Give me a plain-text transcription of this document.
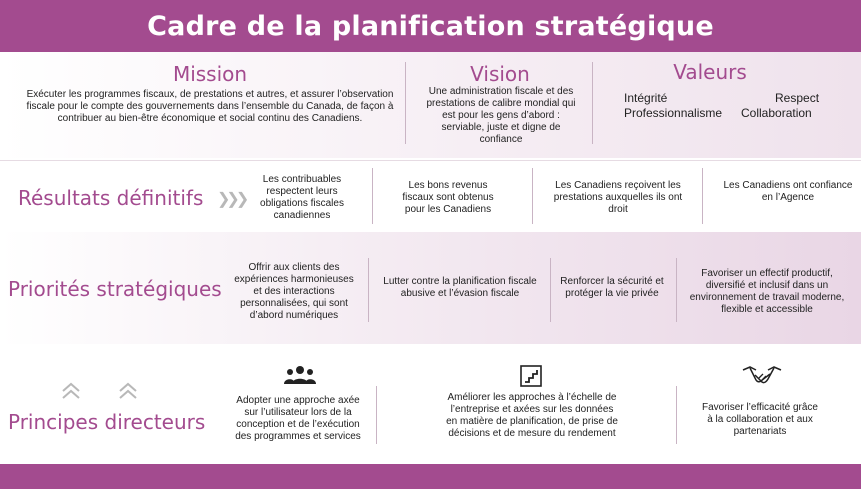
Cadre de la planification stratégique
Mission
Exécuter les programmes fiscaux, de prestations et autres, et assurer l’observation fiscale pour le compte des gouvernements dans l’ensemble du Canada, de façon à contribuer au bien-être économique et social continu des Canadiens.
Vision
Une administration fiscale et des prestations de calibre mondial qui est pour les gens d’abord : serviable, juste et digne de confiance
Valeurs
Intégrité	Respect
Professionnalisme Collaboration
Résultats définitifs ❯❯❯
Les contribuables respectent leurs obligations fiscales canadiennes
Les bons revenus fiscaux sont obtenus pour les Canadiens
Les Canadiens reçoivent les prestations auxquelles ils ont droit
Les Canadiens ont confiance en l’Agence
Priorités stratégiques
Offrir aux clients des expériences harmonieuses et des interactions personnalisées, qui sont d’abord numériques
Lutter contre la planification fiscale abusive et l’évasion fiscale
Renforcer la sécurité et protéger la vie privée
Favoriser un effectif productif, diversifié et inclusif dans un environnement de travail moderne, flexible et accessible
Principes directeurs
Adopter une approche axée sur l’utilisateur lors de la conception et de l’exécution des programmes et services
Améliorer les approches à l’échelle de l’entreprise et axées sur les données en matière de planification, de prise de décisions et de mesure du rendement
Favoriser l’efficacité grâce à la collaboration et aux partenariats
